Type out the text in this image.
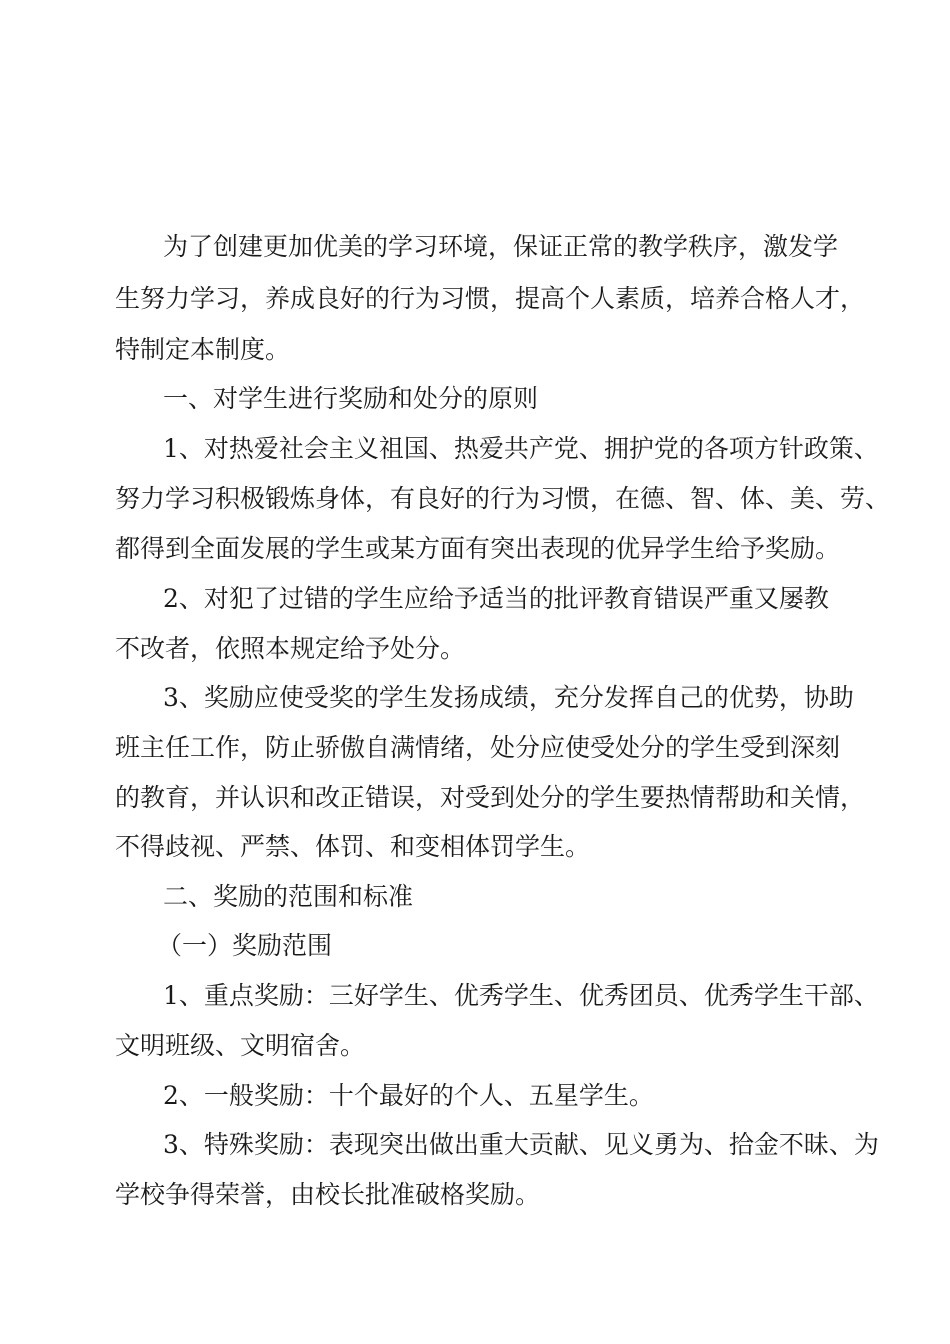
为了创建更加优美的学习环境，保证正常的教学秩序，激发学
生努力学习，养成良好的行为习惯，提高个人素质，培养合格人才，
特制定本制度。
一、对学生进行奖励和处分的原则
1、对热爱社会主义祖国、热爱共产党、拥护党的各项方针政策、
努力学习积极锻炼身体，有良好的行为习惯，在德、智、体、美、劳、
都得到全面发展的学生或某方面有突出表现的优异学生给予奖励。
2、对犯了过错的学生应给予适当的批评教育错误严重又屡教
不改者，依照本规定给予处分。
3、奖励应使受奖的学生发扬成绩，充分发挥自己的优势，协助
班主任工作，防止骄傲自满情绪，处分应使受处分的学生受到深刻
的教育，并认识和改正错误，对受到处分的学生要热情帮助和关情，
不得歧视、严禁、体罚、和变相体罚学生。
二、奖励的范围和标准
（一）奖励范围
1、重点奖励：三好学生、优秀学生、优秀团员、优秀学生干部、
文明班级、文明宿舍。
2、一般奖励：十个最好的个人、五星学生。
3、特殊奖励：表现突出做出重大贡献、见义勇为、拾金不昧、为
学校争得荣誉，由校长批准破格奖励。
